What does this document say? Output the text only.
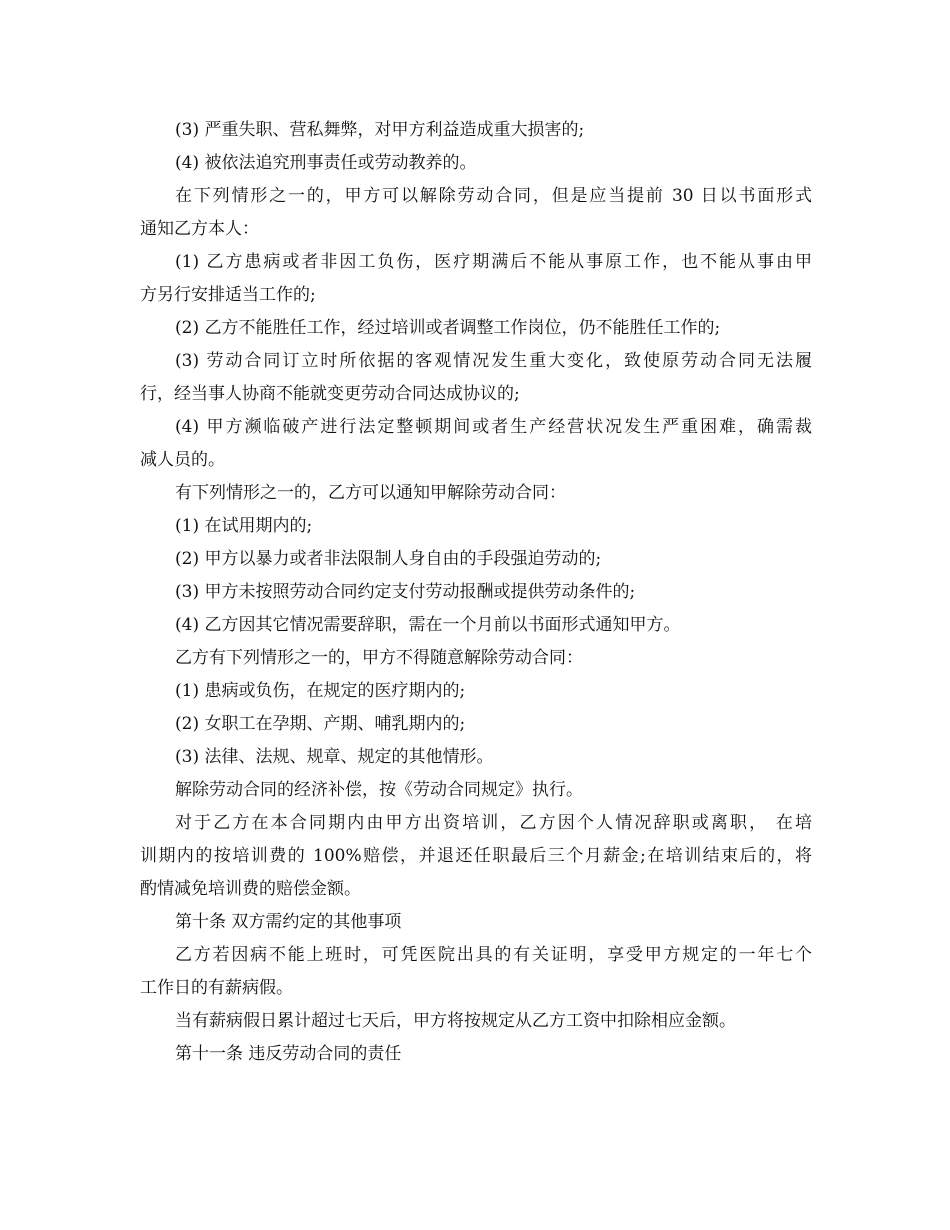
(3) 严重失职、营私舞弊，对甲方利益造成重大损害的;
(4) 被依法追究刑事责任或劳动教养的。
在下列情形之一的，甲方可以解除劳动合同，但是应当提前 30 日以书面形式
通知乙方本人：
(1) 乙方患病或者非因工负伤，医疗期满后不能从事原工作，也不能从事由甲
方另行安排适当工作的;
(2) 乙方不能胜任工作，经过培训或者调整工作岗位，仍不能胜任工作的;
(3) 劳动合同订立时所依据的客观情况发生重大变化，致使原劳动合同无法履
行，经当事人协商不能就变更劳动合同达成协议的;
(4) 甲方濒临破产进行法定整顿期间或者生产经营状况发生严重困难，确需裁
减人员的。
有下列情形之一的，乙方可以通知甲解除劳动合同：
(1) 在试用期内的;
(2) 甲方以暴力或者非法限制人身自由的手段强迫劳动的;
(3) 甲方未按照劳动合同约定支付劳动报酬或提供劳动条件的;
(4) 乙方因其它情况需要辞职，需在一个月前以书面形式通知甲方。
乙方有下列情形之一的，甲方不得随意解除劳动合同：
(1) 患病或负伤，在规定的医疗期内的;
(2) 女职工在孕期、产期、哺乳期内的;
(3) 法律、法规、规章、规定的其他情形。
解除劳动合同的经济补偿，按《劳动合同规定》执行。
对于乙方在本合同期内由甲方出资培训，乙方因个人情况辞职或离职， 在培
训期内的按培训费的 100%赔偿，并退还任职最后三个月薪金;在培训结束后的，将
酌情减免培训费的赔偿金额。
第十条 双方需约定的其他事项
乙方若因病不能上班时，可凭医院出具的有关证明，享受甲方规定的一年七个
工作日的有薪病假。
当有薪病假日累计超过七天后，甲方将按规定从乙方工资中扣除相应金额。
第十一条 违反劳动合同的责任
